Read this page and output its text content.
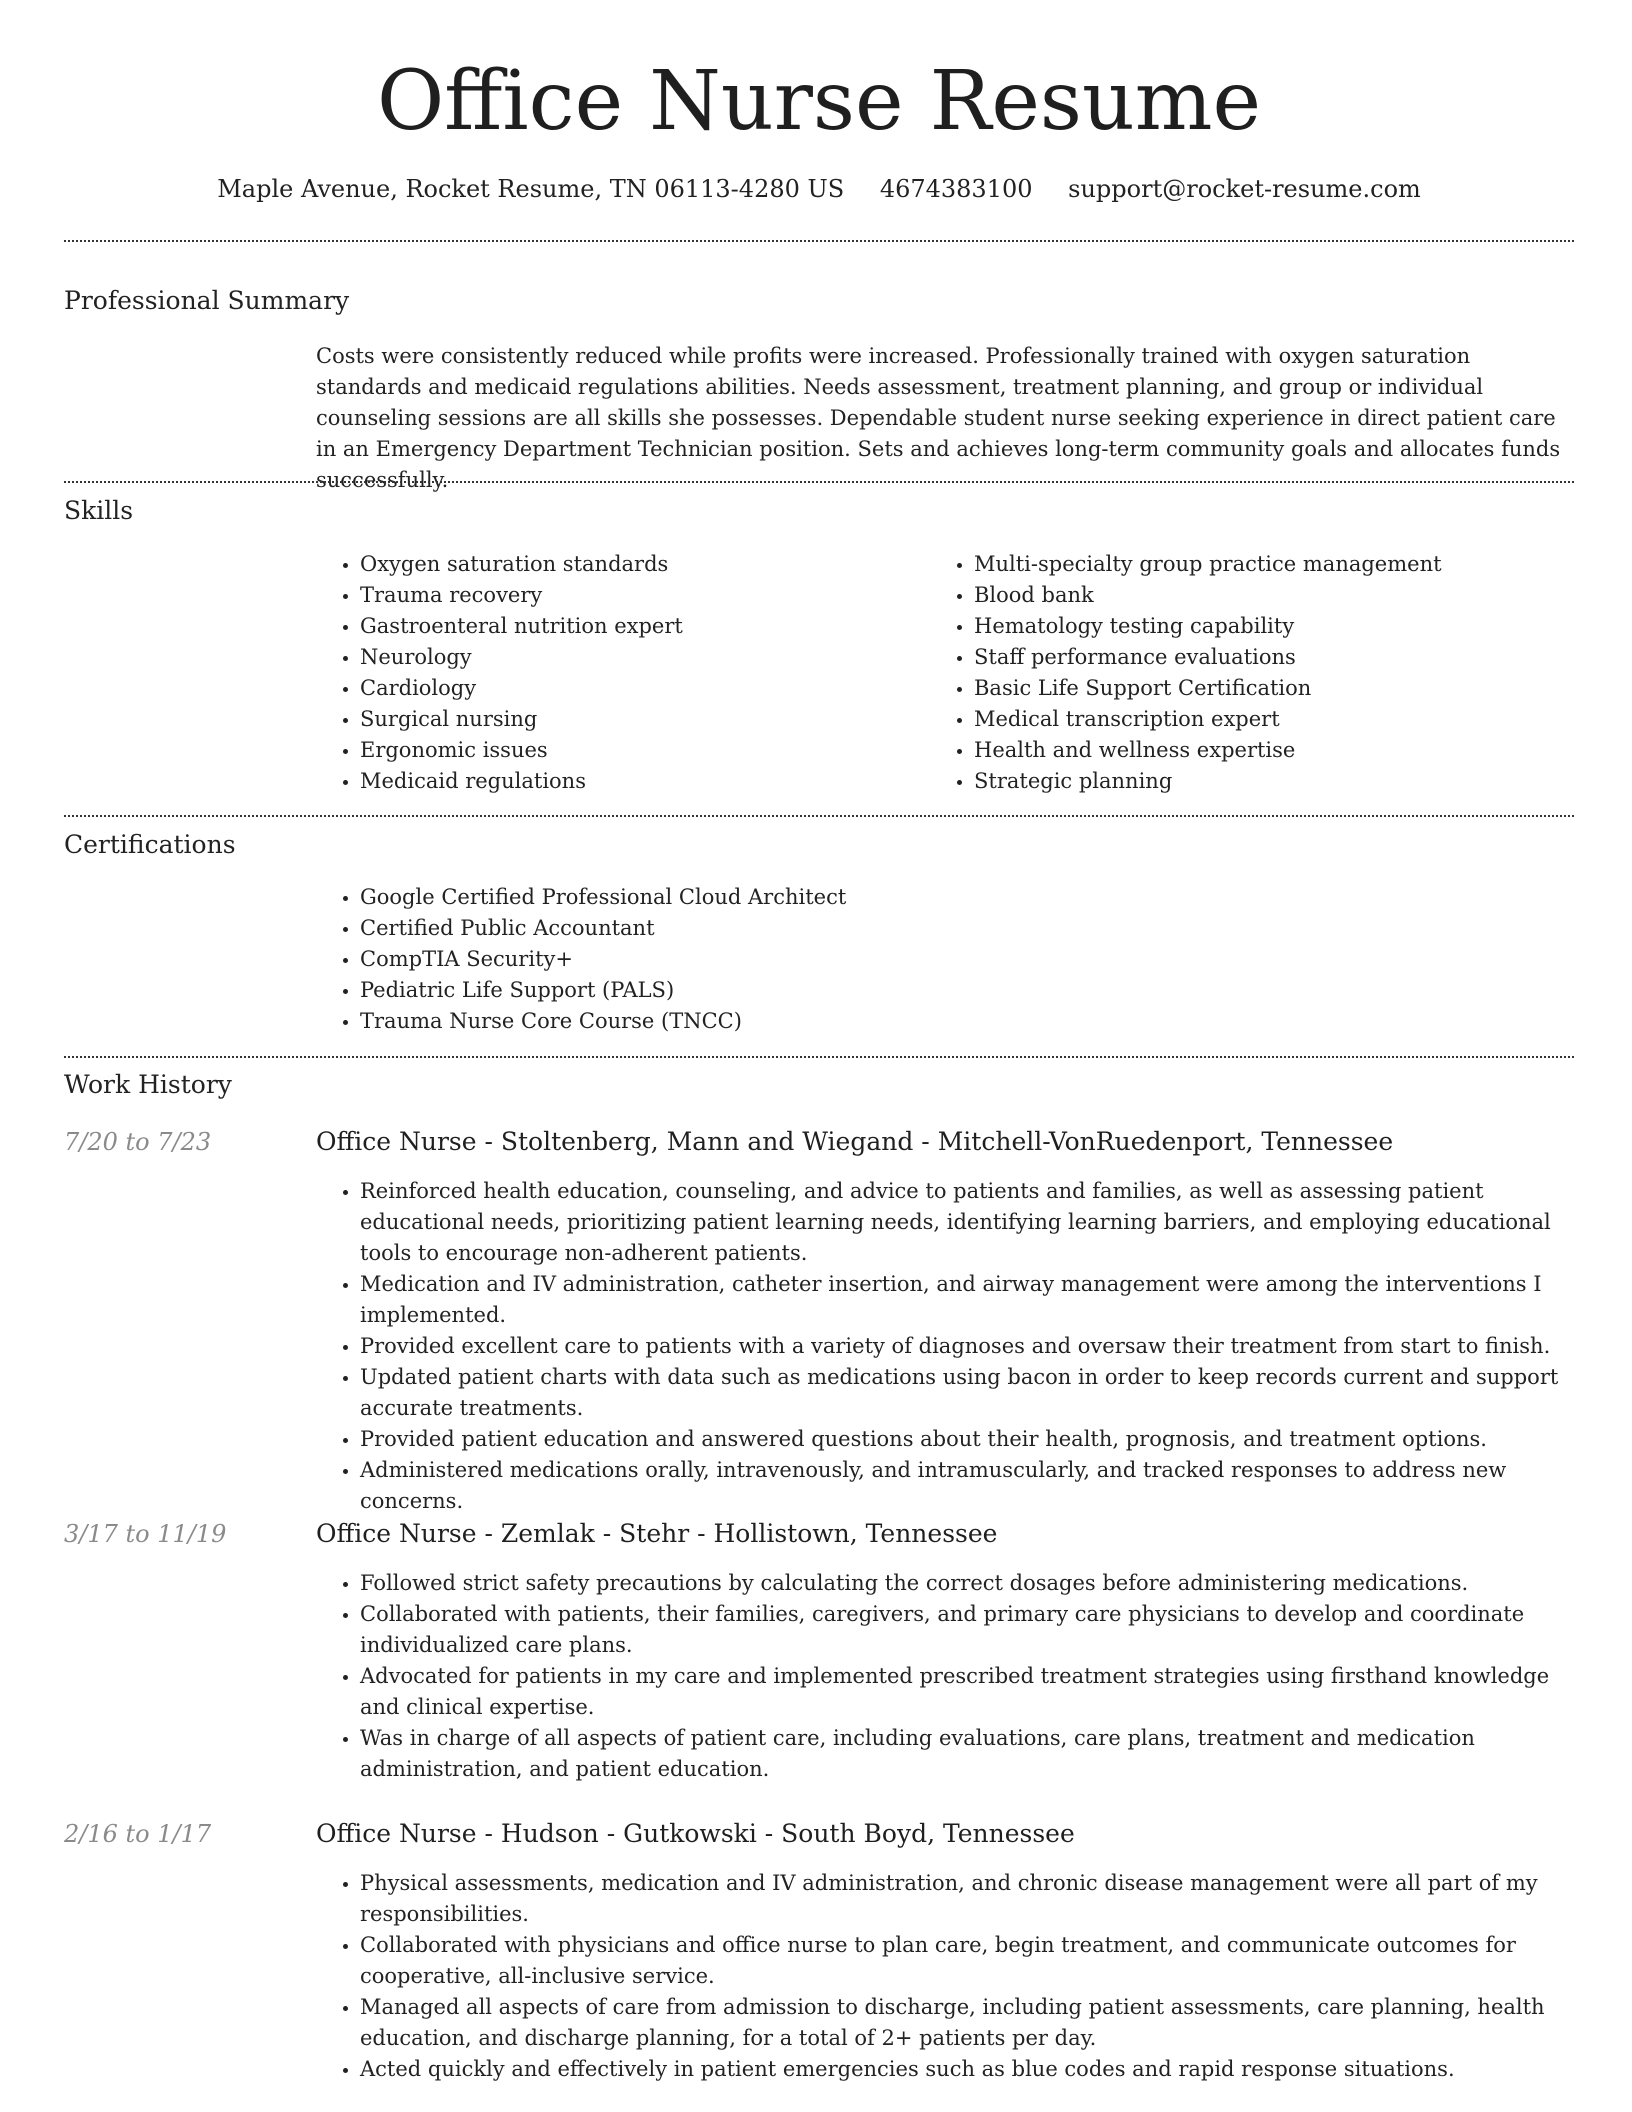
Office Nurse Resume
Maple Avenue, Rocket Resume, TN 06113-4280 US 4674383100 support@rocket-resume.com
Professional Summary

Costs were consistently reduced while profits were increased. Professionally trained with oxygen saturation standards and medicaid regulations abilities. Needs assessment, treatment planning, and group or individual counseling sessions are all skills she possesses. Dependable student nurse seeking experience in direct patient care in an Emergency Department Technician position. Sets and achieves long-term community goals and allocates funds successfully.

Skills
• Oxygen saturation standards
• Trauma recovery
• Gastroenteral nutrition expert
• Neurology
• Cardiology
• Surgical nursing
• Ergonomic issues
• Medicaid regulations
• Multi-specialty group practice management
• Blood bank
• Hematology testing capability
• Staff performance evaluations
• Basic Life Support Certification
• Medical transcription expert
• Health and wellness expertise
• Strategic planning
Certifications
• Google Certified Professional Cloud Architect
• Certified Public Accountant
• CompTIA Security+
• Pediatric Life Support (PALS)
• Trauma Nurse Core Course (TNCC)
Work History
7/20 to 7/23	Office Nurse - Stoltenberg, Mann and Wiegand - Mitchell-VonRuedenport, Tennessee
• Reinforced health education, counseling, and advice to patients and families, as well as assessing patient educational needs, prioritizing patient learning needs, identifying learning barriers, and employing educational tools to encourage non-adherent patients.
• Medication and IV administration, catheter insertion, and airway management were among the interventions I implemented.
• Provided excellent care to patients with a variety of diagnoses and oversaw their treatment from start to finish.
• Updated patient charts with data such as medications using bacon in order to keep records current and support accurate treatments.
• Provided patient education and answered questions about their health, prognosis, and treatment options.
• Administered medications orally, intravenously, and intramuscularly, and tracked responses to address new concerns.
3/17 to 11/19	Office Nurse - Zemlak - Stehr - Hollistown, Tennessee
• Followed strict safety precautions by calculating the correct dosages before administering medications.
• Collaborated with patients, their families, caregivers, and primary care physicians to develop and coordinate individualized care plans.
• Advocated for patients in my care and implemented prescribed treatment strategies using firsthand knowledge and clinical expertise.
• Was in charge of all aspects of patient care, including evaluations, care plans, treatment and medication administration, and patient education.
2/16 to 1/17	Office Nurse - Hudson - Gutkowski - South Boyd, Tennessee
• Physical assessments, medication and IV administration, and chronic disease management were all part of my responsibilities.
• Collaborated with physicians and office nurse to plan care, begin treatment, and communicate outcomes for cooperative, all-inclusive service.
• Managed all aspects of care from admission to discharge, including patient assessments, care planning, health education, and discharge planning, for a total of 2+ patients per day.
• Acted quickly and effectively in patient emergencies such as blue codes and rapid response situations.
